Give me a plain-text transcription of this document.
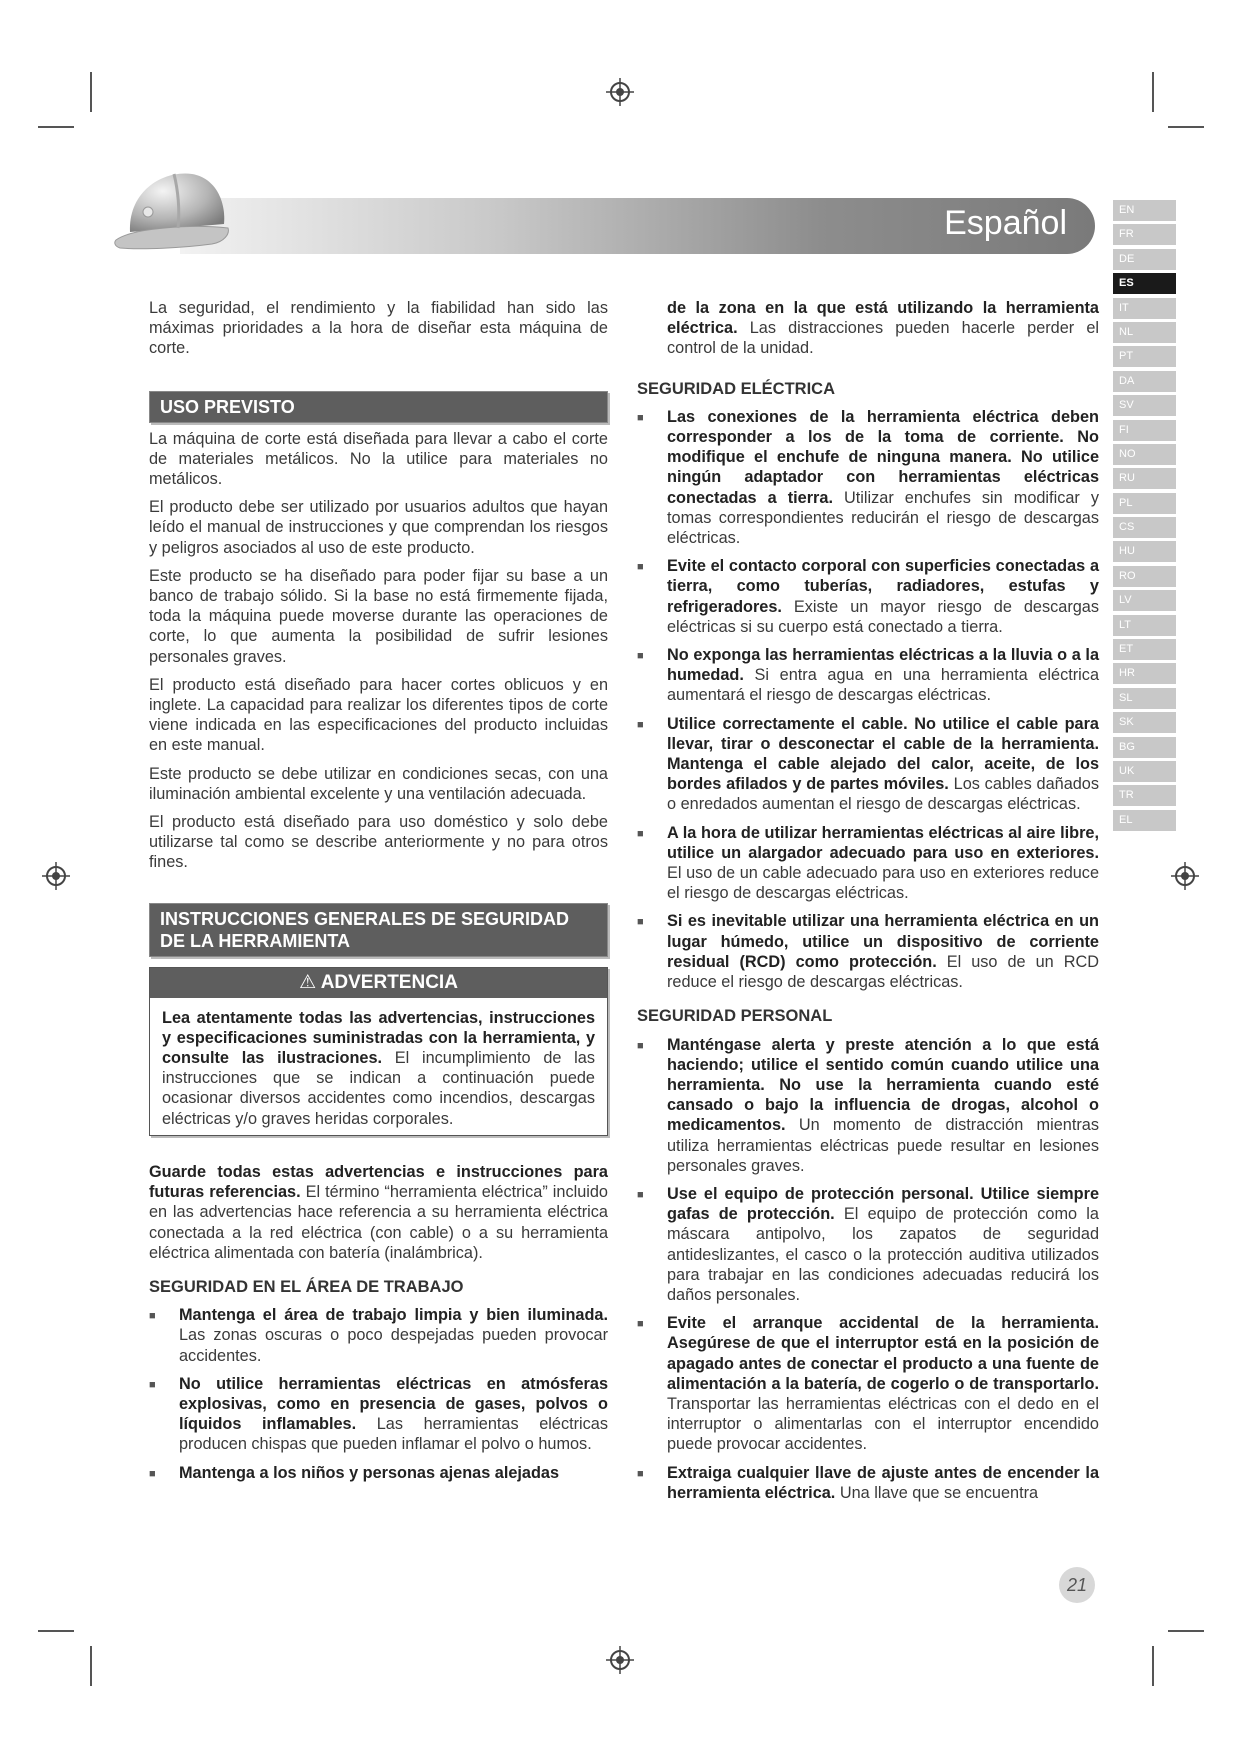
Español	EN
FR
DE
ES
IT
NL
PT
DA
SV
FI
NO
RU
PL
CS
HU
RO
LV
LT
ET
HR
SL
SK
BG
UK
TR
EL

La seguridad, el rendimiento y la fiabilidad han sido las máximas prioridades a la hora de diseñar esta máquina de corte.

USO PREVISTO

La máquina de corte está diseñada para llevar a cabo el corte de materiales metálicos. No la utilice para materiales no metálicos.

El producto debe ser utilizado por usuarios adultos que hayan leído el manual de instrucciones y que comprendan los riesgos y peligros asociados al uso de este producto.

Este producto se ha diseñado para poder fijar su base a un banco de trabajo sólido. Si la base no está firmemente fijada, toda la máquina puede moverse durante las operaciones de corte, lo que aumenta la posibilidad de sufrir lesiones personales graves.

El producto está diseñado para hacer cortes oblicuos y en inglete. La capacidad para realizar los diferentes tipos de corte viene indicada en las especificaciones del producto incluidas en este manual.

Este producto se debe utilizar en condiciones secas, con una iluminación ambiental excelente y una ventilación adecuada.

El producto está diseñado para uso doméstico y solo debe utilizarse tal como se describe anteriormente y no para otros fines.

INSTRUCCIONES GENERALES DE SEGURIDAD DE LA HERRAMIENTA
⚠ ADVERTENCIA

Lea atentamente todas las advertencias, instrucciones y especificaciones suministradas con la herramienta, y consulte las ilustraciones. El incumplimiento de las instrucciones que se indican a continuación puede ocasionar diversos accidentes como incendios, descargas eléctricas y/o graves heridas corporales.

Guarde todas estas advertencias e instrucciones para futuras referencias. El término “herramienta eléctrica” incluido en las advertencias hace referencia a su herramienta eléctrica conectada a la red eléctrica (con cable) o a su herramienta eléctrica alimentada con batería (inalámbrica).

SEGURIDAD EN EL ÁREA DE TRABAJO
■ Mantenga el área de trabajo limpia y bien iluminada. Las zonas oscuras o poco despejadas pueden provocar accidentes.
■ No utilice herramientas eléctricas en atmósferas explosivas, como en presencia de gases, polvos o líquidos inflamables. Las herramientas eléctricas producen chispas que pueden inflamar el polvo o humos.
■ Mantenga a los niños y personas ajenas alejadas

de la zona en la que está utilizando la herramienta eléctrica. Las distracciones pueden hacerle perder el control de la unidad.

SEGURIDAD ELÉCTRICA
■ Las conexiones de la herramienta eléctrica deben corresponder a los de la toma de corriente. No modifique el enchufe de ninguna manera. No utilice ningún adaptador con herramientas eléctricas conectadas a tierra. Utilizar enchufes sin modificar y tomas correspondientes reducirán el riesgo de descargas eléctricas.
■ Evite el contacto corporal con superficies conectadas a tierra, como tuberías, radiadores, estufas y refrigeradores. Existe un mayor riesgo de descargas eléctricas si su cuerpo está conectado a tierra.
■ No exponga las herramientas eléctricas a la lluvia o a la humedad. Si entra agua en una herramienta eléctrica aumentará el riesgo de descargas eléctricas.
■ Utilice correctamente el cable. No utilice el cable para llevar, tirar o desconectar el cable de la herramienta. Mantenga el cable alejado del calor, aceite, de los bordes afilados y de partes móviles. Los cables dañados o enredados aumentan el riesgo de descargas eléctricas.
■ A la hora de utilizar herramientas eléctricas al aire libre, utilice un alargador adecuado para uso en exteriores. El uso de un cable adecuado para uso en exteriores reduce el riesgo de descargas eléctricas.
■ Si es inevitable utilizar una herramienta eléctrica en un lugar húmedo, utilice un dispositivo de corriente residual (RCD) como protección. El uso de un RCD reduce el riesgo de descargas eléctricas.
SEGURIDAD PERSONAL
■ Manténgase alerta y preste atención a lo que está haciendo; utilice el sentido común cuando utilice una herramienta. No use la herramienta cuando esté cansado o bajo la influencia de drogas, alcohol o medicamentos. Un momento de distracción mientras utiliza herramientas eléctricas puede resultar en lesiones personales graves.
■ Use el equipo de protección personal. Utilice siempre gafas de protección. El equipo de protección como la máscara antipolvo, los zapatos de seguridad antideslizantes, el casco o la protección auditiva utilizados para trabajar en las condiciones adecuadas reducirá los daños personales.
■ Evite el arranque accidental de la herramienta. Asegúrese de que el interruptor está en la posición de apagado antes de conectar el producto a una fuente de alimentación a la batería, de cogerlo o de transportarlo. Transportar las herramientas eléctricas con el dedo en el interruptor o alimentarlas con el interruptor encendido puede provocar accidentes.
■ Extraiga cualquier llave de ajuste antes de encender la herramienta eléctrica. Una llave que se encuentra
21
